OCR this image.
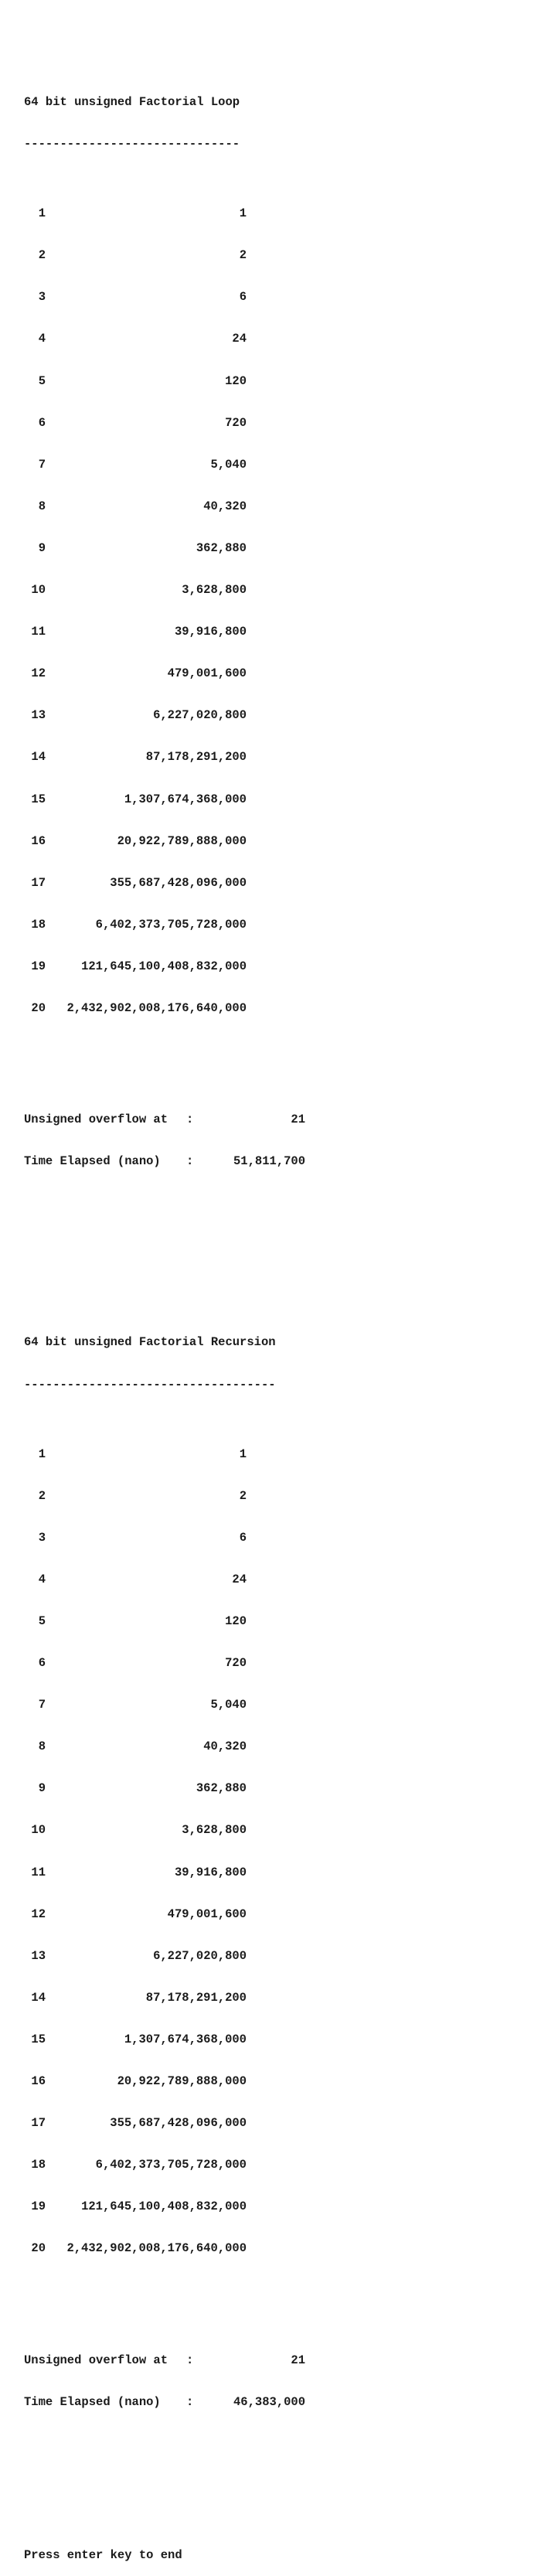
64 bit unsigned Factorial Loop

------------------------------

1	1

2	2

3	6

4	24

5	120

6	720

7	5,040

8	40,320

9	362,880

10	3,628,800

11	39,916,800

12	479,001,600

13	6,227,020,800

14	87,178,291,200

15	1,307,674,368,000

16	20,922,789,888,000

17	355,687,428,096,000

18	6,402,373,705,728,000

19	121,645,100,408,832,000

20	2,432,902,008,176,640,000

Unsigned overflow at	:	21

Time Elapsed (nano)	:	51,811,700

64 bit unsigned Factorial Recursion

-----------------------------------

1	1

2	2

3	6

4	24

5	120

6	720

7	5,040

8	40,320

9	362,880

10	3,628,800

11	39,916,800

12	479,001,600

13	6,227,020,800

14	87,178,291,200

15	1,307,674,368,000

16	20,922,789,888,000

17	355,687,428,096,000

18	6,402,373,705,728,000

19	121,645,100,408,832,000

20	2,432,902,008,176,640,000

Unsigned overflow at	:	21

Time Elapsed (nano)	:	46,383,000

Press enter key to end
